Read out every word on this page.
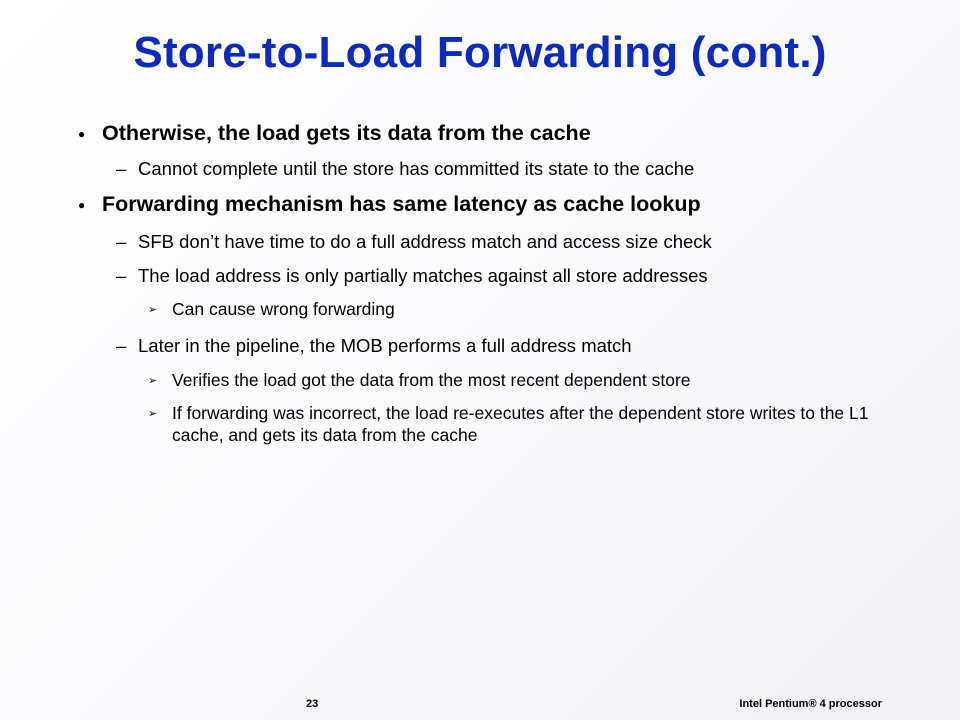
Store-to-Load Forwarding (cont.)
● Otherwise, the load gets its data from the cache
– Cannot complete until the store has committed its state to the cache
● Forwarding mechanism has same latency as cache lookup
– SFB don’t have time to do a full address match and access size check
– The load address is only partially matches against all store addresses
➢ Can cause wrong forwarding
– Later in the pipeline, the MOB performs a full address match
➢ Verifies the load got the data from the most recent dependent store
➢ If forwarding was incorrect, the load re-executes after the dependent store writes to the L1 cache, and gets its data from the cache
23	Intel Pentium® 4 processor
